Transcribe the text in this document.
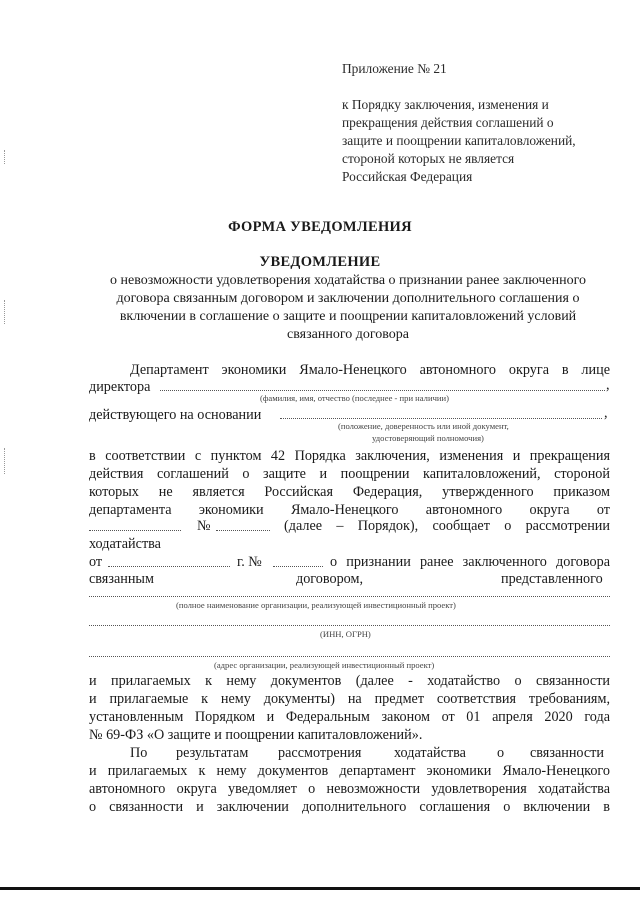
Приложение № 21
к Порядку заключения, изменения и
прекращения действия соглашений о
защите и поощрении капиталовложений,
стороной которых не является
Российская Федерация
ФОРМА УВЕДОМЛЕНИЯ
УВЕДОМЛЕНИЕ
о невозможности удовлетворения ходатайства о признании ранее заключенного
договора связанным договором и заключении дополнительного соглашения о
включении в соглашение о защите и поощрении капиталовложений условий
связанного договора
Департамент экономики Ямало-Ненецкого автономного округа в лице
директора	,
(фамилия, имя, отчество (последнее - при наличии)
действующего на основании	,
(положение, доверенность или иной документ,
удостоверяющий полномочия)
в соответствии с пунктом 42 Порядка заключения, изменения и прекращения
действия соглашений о защите и поощрении капиталовложений, стороной
которых не является Российская Федерация, утвержденного приказом
департамента экономики Ямало-Ненецкого автономного округа от
№	(далее – Порядок), сообщает о рассмотрении
ходатайства
от	г. №	о признании ранее заключенного договора
связанным	договором,	представленного
(полное наименование организации, реализующей инвестиционный проект)
(ИНН, ОГРН)
(адрес организации, реализующей инвестиционный проект)
и прилагаемых к нему документов (далее - ходатайство о связанности
и прилагаемые к нему документы) на предмет соответствия требованиям,
установленным Порядком и Федеральным законом от 01 апреля 2020 года
№ 69-ФЗ «О защите и поощрении капиталовложений».
По результатам рассмотрения ходатайства о связанности
и прилагаемых к нему документов департамент экономики Ямало-Ненецкого
автономного округа уведомляет о невозможности удовлетворения ходатайства
о связанности и заключении дополнительного соглашения о включении в
